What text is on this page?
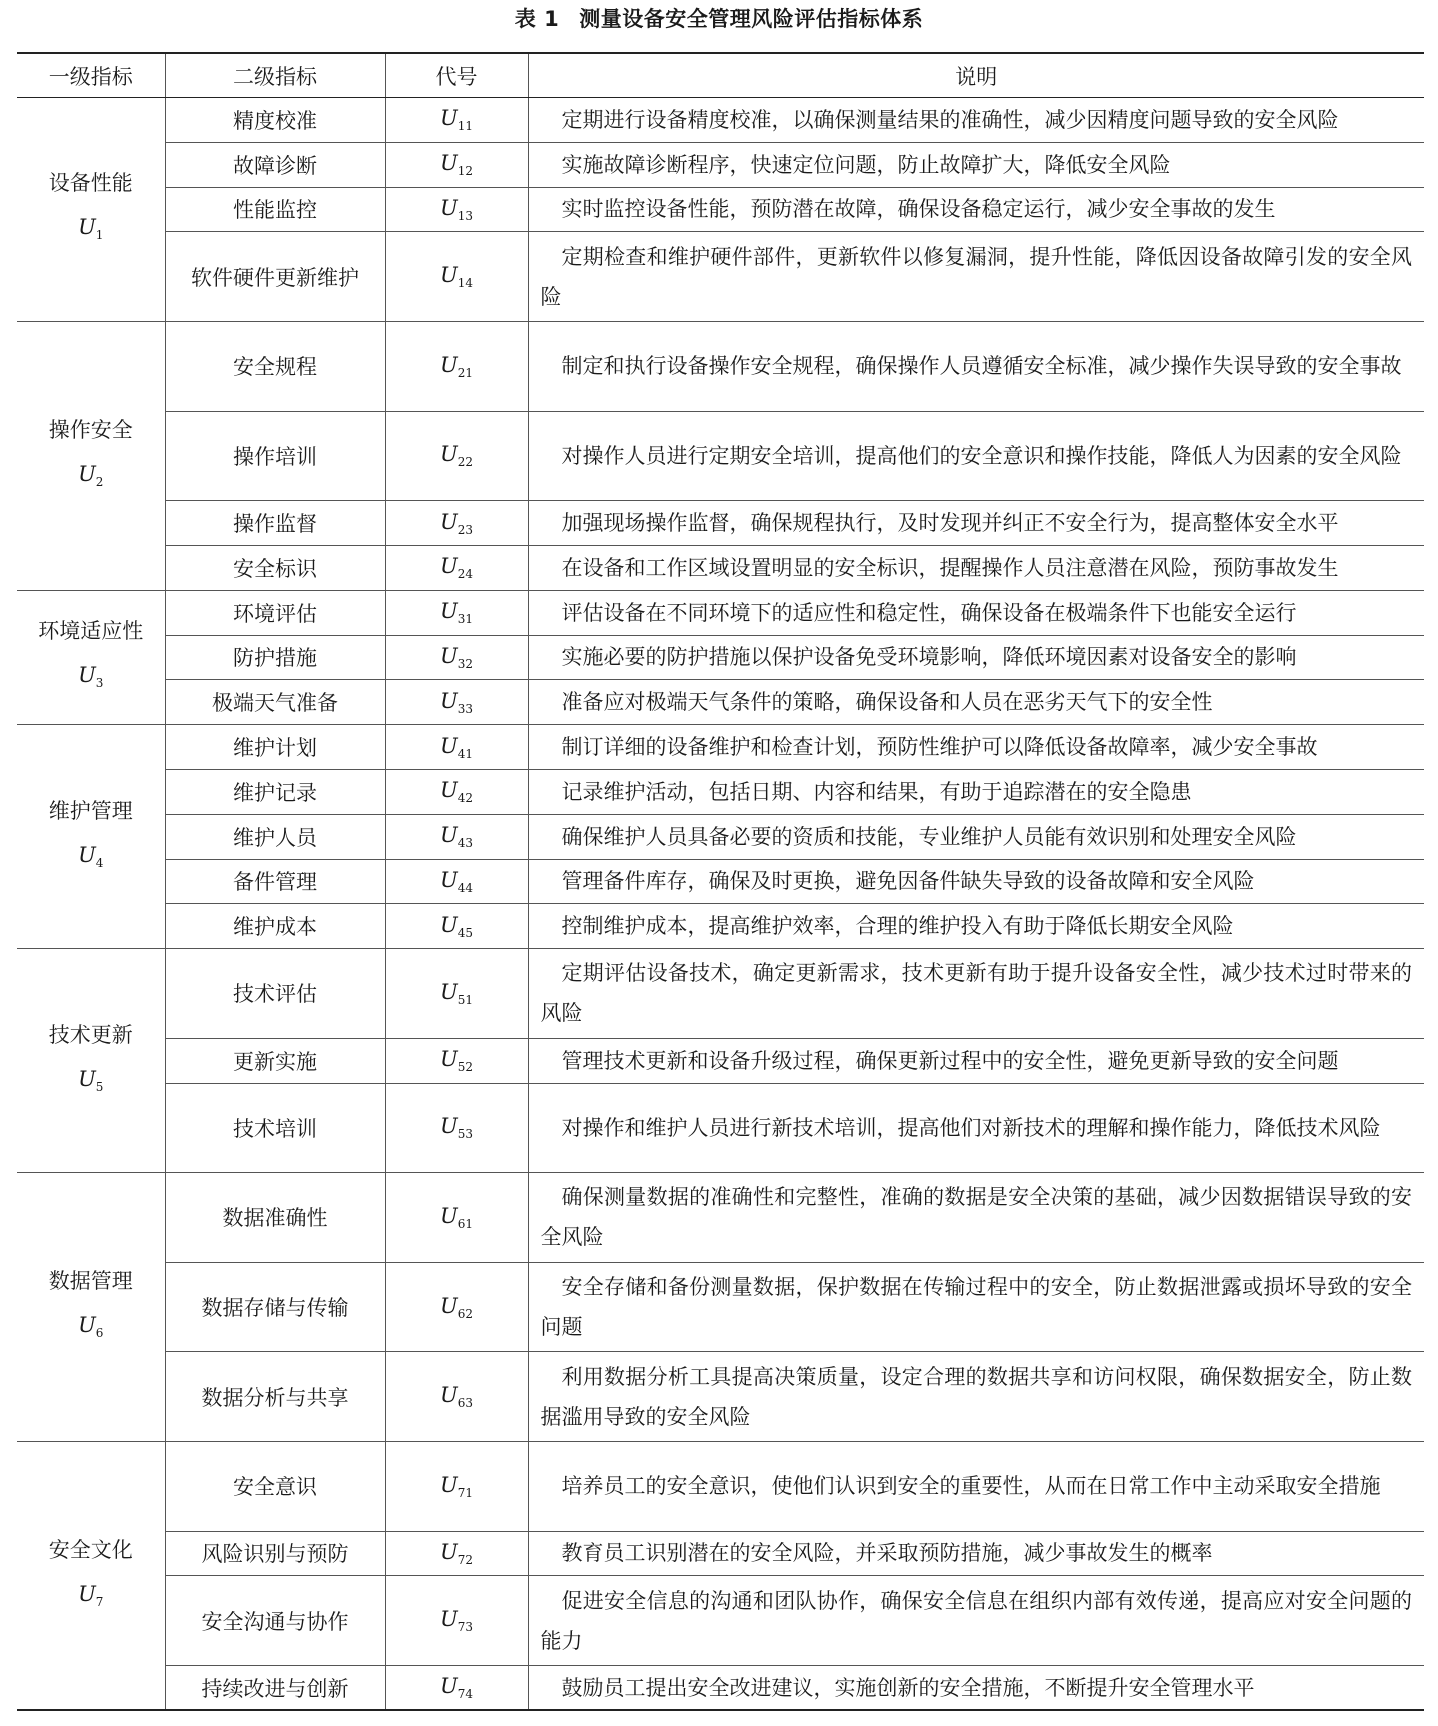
表 1 测量设备安全管理风险评估指标体系
一级指标	二级指标	代号	说明
设备性能
$U_1$	精度校准	$U_{11}$	定期进行设备精度校准，以确保测量结果的准确性，减少因精度问题导致的安全风险
	故障诊断	$U_{12}$	实施故障诊断程序，快速定位问题，防止故障扩大，降低安全风险
	性能监控	$U_{13}$	实时监控设备性能，预防潜在故障，确保设备稳定运行，减少安全事故的发生
	软件硬件更新维护	$U_{14}$	定期检查和维护硬件部件，更新软件以修复漏洞，提升性能，降低因设备故障引发的安全风险
操作安全
$U_2$	安全规程	$U_{21}$	制定和执行设备操作安全规程，确保操作人员遵循安全标准，减少操作失误导致的安全事故
	操作培训	$U_{22}$	对操作人员进行定期安全培训，提高他们的安全意识和操作技能，降低人为因素的安全风险
	操作监督	$U_{23}$	加强现场操作监督，确保规程执行，及时发现并纠正不安全行为，提高整体安全水平
	安全标识	$U_{24}$	在设备和工作区域设置明显的安全标识，提醒操作人员注意潜在风险，预防事故发生
环境适应性
$U_3$	环境评估	$U_{31}$	评估设备在不同环境下的适应性和稳定性，确保设备在极端条件下也能安全运行
	防护措施	$U_{32}$	实施必要的防护措施以保护设备免受环境影响，降低环境因素对设备安全的影响
	极端天气准备	$U_{33}$	准备应对极端天气条件的策略，确保设备和人员在恶劣天气下的安全性
维护管理
$U_4$	维护计划	$U_{41}$	制订详细的设备维护和检查计划，预防性维护可以降低设备故障率，减少安全事故
	维护记录	$U_{42}$	记录维护活动，包括日期、内容和结果，有助于追踪潜在的安全隐患
	维护人员	$U_{43}$	确保维护人员具备必要的资质和技能，专业维护人员能有效识别和处理安全风险
	备件管理	$U_{44}$	管理备件库存，确保及时更换，避免因备件缺失导致的设备故障和安全风险
	维护成本	$U_{45}$	控制维护成本，提高维护效率，合理的维护投入有助于降低长期安全风险
技术更新
$U_5$	技术评估	$U_{51}$	定期评估设备技术，确定更新需求，技术更新有助于提升设备安全性，减少技术过时带来的风险
	更新实施	$U_{52}$	管理技术更新和设备升级过程，确保更新过程中的安全性，避免更新导致的安全问题
	技术培训	$U_{53}$	对操作和维护人员进行新技术培训，提高他们对新技术的理解和操作能力，降低技术风险
数据管理
$U_6$	数据准确性	$U_{61}$	确保测量数据的准确性和完整性，准确的数据是安全决策的基础，减少因数据错误导致的安全风险
	数据存储与传输	$U_{62}$	安全存储和备份测量数据，保护数据在传输过程中的安全，防止数据泄露或损坏导致的安全问题
	数据分析与共享	$U_{63}$	利用数据分析工具提高决策质量，设定合理的数据共享和访问权限，确保数据安全，防止数据滥用导致的安全风险
安全文化
$U_7$	安全意识	$U_{71}$	培养员工的安全意识，使他们认识到安全的重要性，从而在日常工作中主动采取安全措施
	风险识别与预防	$U_{72}$	教育员工识别潜在的安全风险，并采取预防措施，减少事故发生的概率
	安全沟通与协作	$U_{73}$	促进安全信息的沟通和团队协作，确保安全信息在组织内部有效传递，提高应对安全问题的能力
	持续改进与创新	$U_{74}$	鼓励员工提出安全改进建议，实施创新的安全措施，不断提升安全管理水平
